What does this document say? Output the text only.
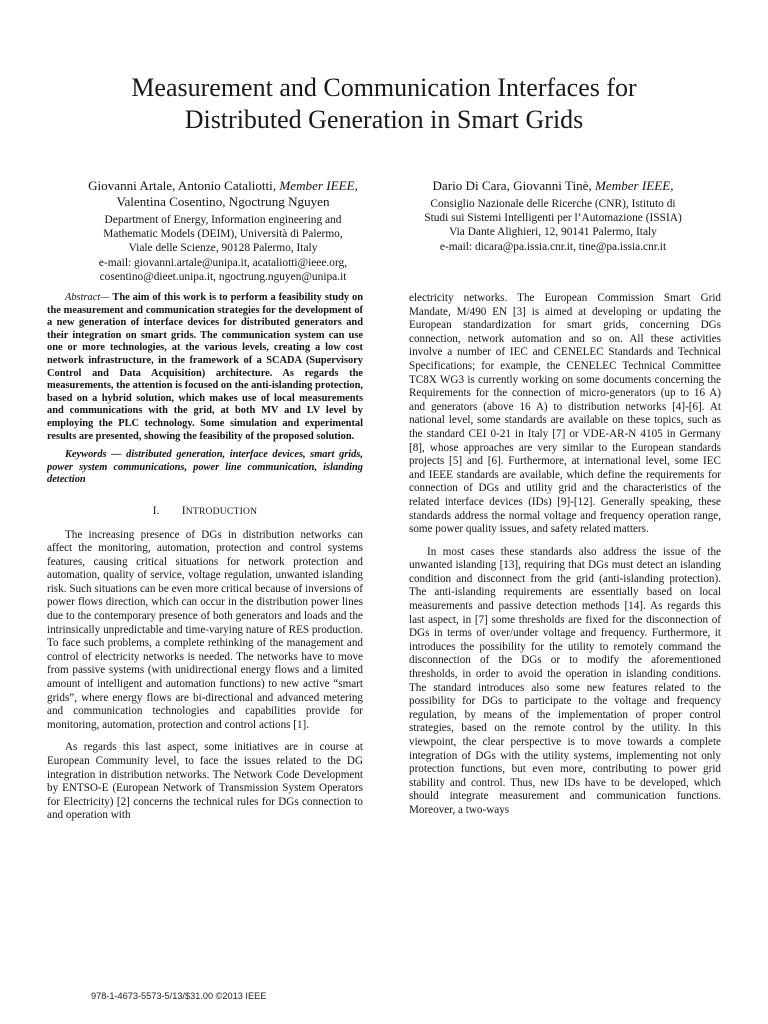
Measurement and Communication Interfaces for
Distributed Generation in Smart Grids
Giovanni Artale, Antonio Cataliotti, Member IEEE,
Valentina Cosentino, Ngoctrung Nguyen
Department of Energy, Information engineering and
Mathematic Models (DEIM), Università di Palermo,
Viale delle Scienze, 90128 Palermo, Italy
e-mail: giovanni.artale@unipa.it, acataliotti@ieee.org,
cosentino@dieet.unipa.it, ngoctrung.nguyen@unipa.it
Dario Di Cara, Giovanni Tinè, Member IEEE,
Consiglio Nazionale delle Ricerche (CNR), Istituto di
Studi sui Sistemi Intelligenti per l’Automazione (ISSIA)
Via Dante Alighieri, 12, 90141 Palermo, Italy
e-mail: dicara@pa.issia.cnr.it, tine@pa.issia.cnr.it

Abstract— The aim of this work is to perform a feasibility study on the measurement and communication strategies for the development of a new generation of interface devices for distributed generators and their integration on smart grids. The communication system can use one or more technologies, at the various levels, creating a low cost network infrastructure, in the framework of a SCADA (Supervisory Control and Data Acquisition) architecture. As regards the measurements, the attention is focused on the anti-islanding protection, based on a hybrid solution, which makes use of local measurements and communications with the grid, at both MV and LV level by employing the PLC technology. Some simulation and experimental results are presented, showing the feasibility of the proposed solution.

Keywords — distributed generation, interface devices, smart grids, power system communications, power line communication, islanding detection

I. INTRODUCTION

The increasing presence of DGs in distribution networks can affect the monitoring, automation, protection and control systems features, causing critical situations for network protection and automation, quality of service, voltage regulation, unwanted islanding risk. Such situations can be even more critical because of inversions of power flows direction, which can occur in the distribution power lines due to the contemporary presence of both generators and loads and the intrinsically unpredictable and time-varying nature of RES production. To face such problems, a complete rethinking of the management and control of electricity networks is needed. The networks have to move from passive systems (with unidirectional energy flows and a limited amount of intelligent and automation functions) to new active “smart grids”, where energy flows are bi-directional and advanced metering and communication technologies and capabilities provide for monitoring, automation, protection and control actions [1].

As regards this last aspect, some initiatives are in course at European Community level, to face the issues related to the DG integration in distribution networks. The Network Code Development by ENTSO-E (European Network of Transmission System Operators for Electricity) [2] concerns the technical rules for DGs connection to and operation with

electricity networks. The European Commission Smart Grid Mandate, M/490 EN [3] is aimed at developing or updating the European standardization for smart grids, concerning DGs connection, network automation and so on. All these activities involve a number of IEC and CENELEC Standards and Technical Specifications; for example, the CENELEC Technical Committee TC8X WG3 is currently working on some documents concerning the Requirements for the connection of micro-generators (up to 16 A) and generators (above 16 A) to distribution networks [4]-[6]. At national level, some standards are available on these topics, such as the standard CEI 0-21 in Italy [7] or VDE-AR-N 4105 in Germany [8], whose approaches are very similar to the European standards projects [5] and [6]. Furthermore, at international level, some IEC and IEEE standards are available, which define the requirements for connection of DGs and utility grid and the characteristics of the related interface devices (IDs) [9]-[12]. Generally speaking, these standards address the normal voltage and frequency operation range, some power quality issues, and safety related matters.

In most cases these standards also address the issue of the unwanted islanding [13], requiring that DGs must detect an islanding condition and disconnect from the grid (anti-islanding protection). The anti-islanding requirements are essentially based on local measurements and passive detection methods [14]. As regards this last aspect, in [7] some thresholds are fixed for the disconnection of DGs in terms of over/under voltage and frequency. Furthermore, it introduces the possibility for the utility to remotely command the disconnection of the DGs or to modify the aforementioned thresholds, in order to avoid the operation in islanding conditions. The standard introduces also some new features related to the possibility for DGs to participate to the voltage and frequency regulation, by means of the implementation of proper control strategies, based on the remote control by the utility. In this viewpoint, the clear perspective is to move towards a complete integration of DGs with the utility systems, implementing not only protection functions, but even more, contributing to power grid stability and control. Thus, new IDs have to be developed, which should integrate measurement and communication functions. Moreover, a two-ways

978-1-4673-5573-5/13/$31.00 ©2013 IEEE
